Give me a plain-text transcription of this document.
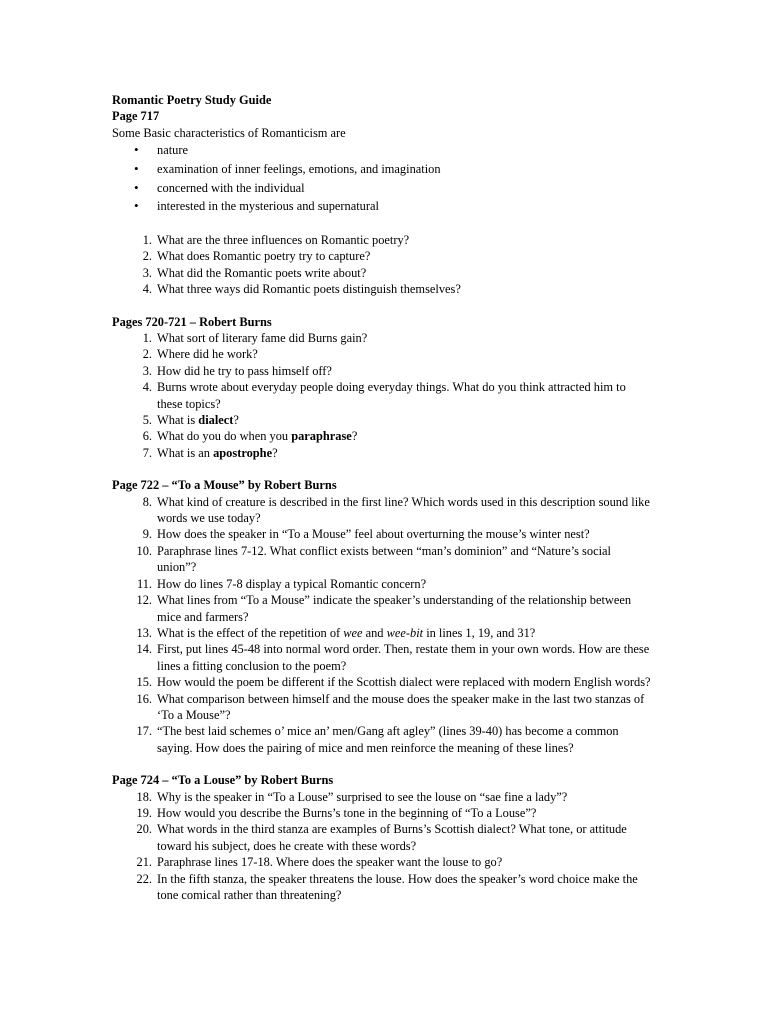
Romantic Poetry Study Guide
Page 717
Some Basic characteristics of Romanticism are
• nature
• examination of inner feelings, emotions, and imagination
• concerned with the individual
• interested in the mysterious and supernatural
1. What are the three influences on Romantic poetry?
2. What does Romantic poetry try to capture?
3. What did the Romantic poets write about?
4. What three ways did Romantic poets distinguish themselves?
Pages 720-721 – Robert Burns
1. What sort of literary fame did Burns gain?
2. Where did he work?
3. How did he try to pass himself off?
4. Burns wrote about everyday people doing everyday things. What do you think attracted him to these topics?
5. What is dialect?
6. What do you do when you paraphrase?
7. What is an apostrophe?
Page 722 – “To a Mouse” by Robert Burns
8. What kind of creature is described in the first line? Which words used in this description sound like words we use today?
9. How does the speaker in “To a Mouse” feel about overturning the mouse’s winter nest?
10. Paraphrase lines 7-12. What conflict exists between “man’s dominion” and “Nature’s social union”?
11. How do lines 7-8 display a typical Romantic concern?
12. What lines from “To a Mouse” indicate the speaker’s understanding of the relationship between mice and farmers?
13. What is the effect of the repetition of wee and wee-bit in lines 1, 19, and 31?
14. First, put lines 45-48 into normal word order. Then, restate them in your own words. How are these lines a fitting conclusion to the poem?
15. How would the poem be different if the Scottish dialect were replaced with modern English words?
16. What comparison between himself and the mouse does the speaker make in the last two stanzas of ‘To a Mouse”?
17. “The best laid schemes o’ mice an’ men/Gang aft agley” (lines 39-40) has become a common saying. How does the pairing of mice and men reinforce the meaning of these lines?
Page 724 – “To a Louse” by Robert Burns
18. Why is the speaker in “To a Louse” surprised to see the louse on “sae fine a lady”?
19. How would you describe the Burns’s tone in the beginning of “To a Louse”?
20. What words in the third stanza are examples of Burns’s Scottish dialect? What tone, or attitude toward his subject, does he create with these words?
21. Paraphrase lines 17-18. Where does the speaker want the louse to go?
22. In the fifth stanza, the speaker threatens the louse. How does the speaker’s word choice make the tone comical rather than threatening?
